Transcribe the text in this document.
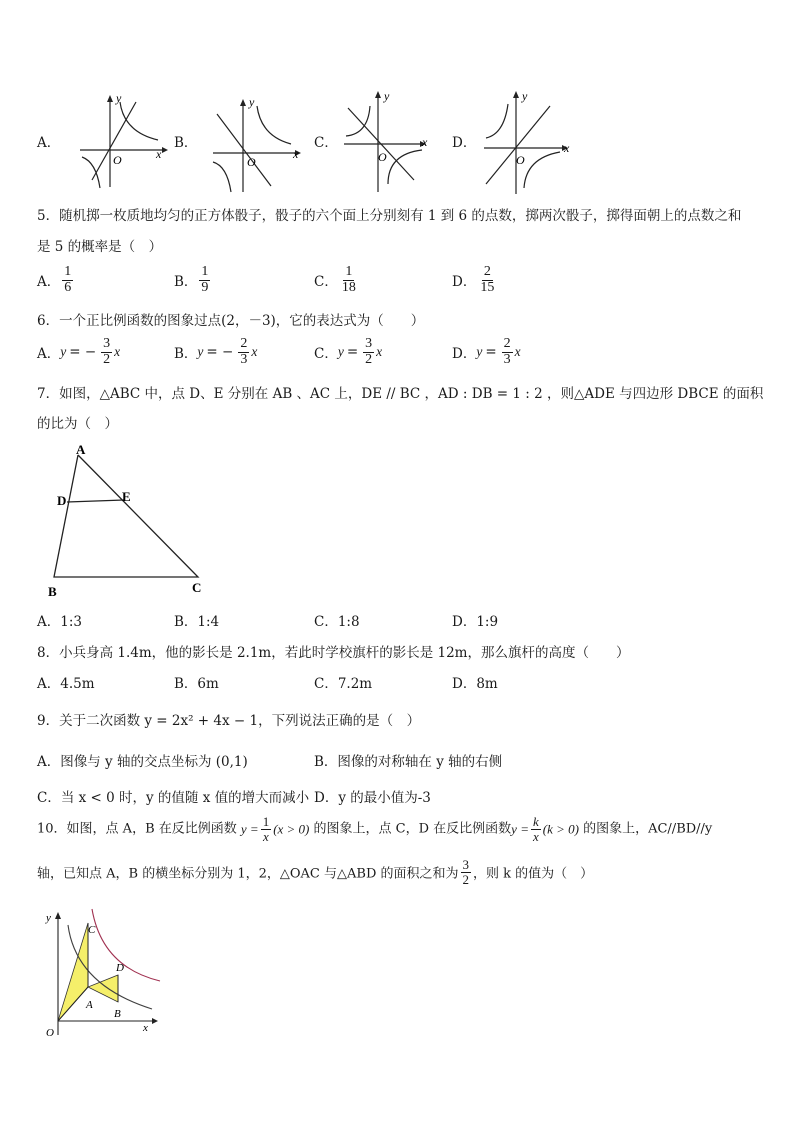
A．
y
x
O
B．
y
x
O
C．
y
x
O
D．
y
x
O
5．随机掷一枚质地均匀的正方体骰子，骰子的六个面上分别刻有 1 到 6 的点数，掷两次骰子，掷得面朝上的点数之和
是 5 的概率是（　）
A． $\frac{1}{6}$	B． $\frac{1}{9}$	C． $\frac{1}{18}$	D． $\frac{2}{15}$
6．一个正比例函数的图象过点(2，－3)，它的表达式为（　　）
A．y = − $\frac{3}{2}$ x	B．y = − $\frac{2}{3}$ x	C．$y = \frac{3}{2}$ x	D．$y = \frac{2}{3}$ x
7．如图，△ABC 中，点 D、E 分别在 AB 、AC 上，DE // BC ，AD : DB = 1 : 2 ，则△ADE 与四边形 DBCE 的面积
的比为（　）
A
D	E
B	C
A．1:3	B．1:4	C．1:8	D．1:9
8．小兵身高 1.4m，他的影长是 2.1m，若此时学校旗杆的影长是 12m，那么旗杆的高度（　　）
A．4.5m	B．6m	C．7.2m	D．8m
9．关于二次函数 y = 2x² + 4x − 1，下列说法正确的是（　）
A．图像与 y 轴的交点坐标为 (0,1)	B．图像的对称轴在 y 轴的右侧
C．当 x < 0 时，y 的值随 x 值的增大而减小 D．y 的最小值为-3
10．如图，点 A，B 在反比例函数 $y = \frac{1}{x} (x > 0)$ 的图象上，点 C，D 在反比例函数$y = \frac{k}{x} (k > 0)$ 的图象上，AC//BD//y
轴，已知点 A，B 的横坐标分别为 1，2，△OAC 与△ABD 的面积之和为 $\frac{3}{2}$ ，则 k 的值为（　）
y
x
O
C
D
A
B
